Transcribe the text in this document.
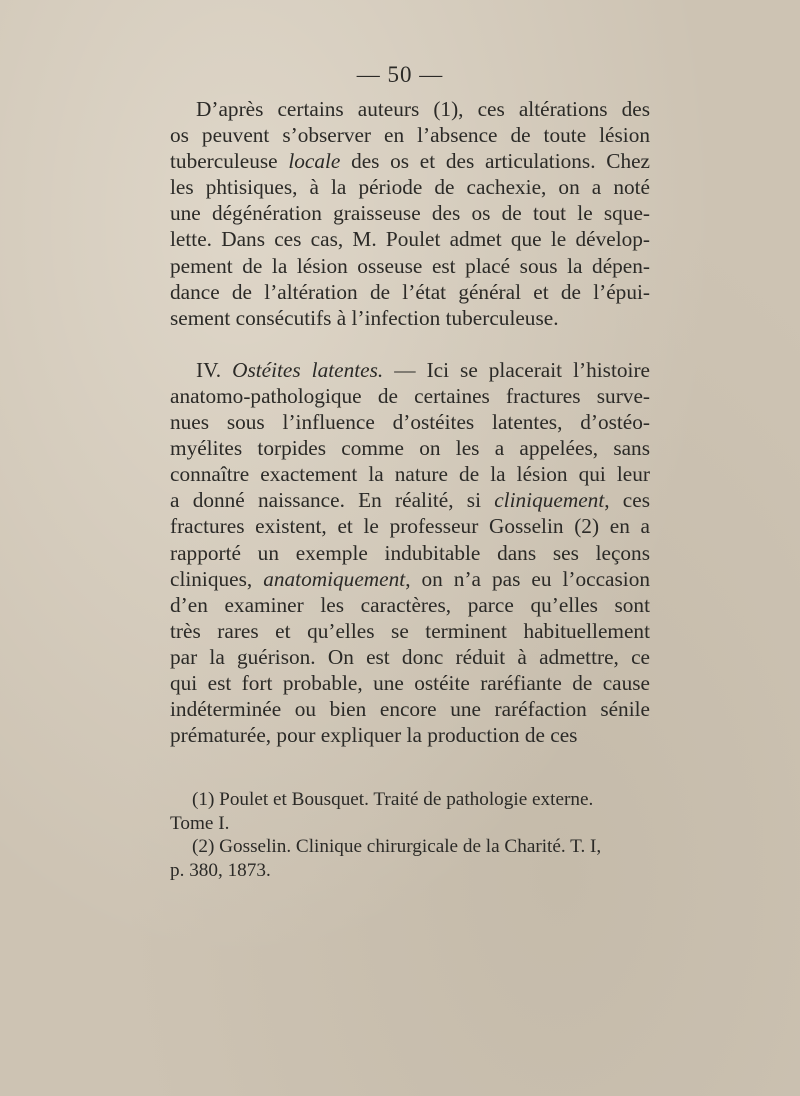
— 50 —

D’après certains auteurs (1), ces altérations des
os peuvent s’observer en l’absence de toute lésion
tuberculeuse locale des os et des articulations. Chez
les phtisiques, à la période de cachexie, on a noté
une dégénération graisseuse des os de tout le sque-
lette. Dans ces cas, M. Poulet admet que le dévelop-
pement de la lésion osseuse est placé sous la dépen-
dance de l’altération de l’état général et de l’épui-
sement consécutifs à l’infection tuberculeuse.

IV. Ostéites latentes. — Ici se placerait l’histoire
anatomo-pathologique de certaines fractures surve-
nues sous l’influence d’ostéites latentes, d’ostéo-
myélites torpides comme on les a appelées, sans
connaître exactement la nature de la lésion qui leur
a donné naissance. En réalité, si cliniquement, ces
fractures existent, et le professeur Gosselin (2) en a
rapporté un exemple indubitable dans ses leçons
cliniques, anatomiquement, on n’a pas eu l’occasion
d’en examiner les caractères, parce qu’elles sont
très rares et qu’elles se terminent habituellement
par la guérison. On est donc réduit à admettre, ce
qui est fort probable, une ostéite raréfiante de cause
indéterminée ou bien encore une raréfaction sénile
prématurée, pour expliquer la production de ces

(1) Poulet et Bousquet. Traité de pathologie externe.
Tome I.

(2) Gosselin. Clinique chirurgicale de la Charité. T. I,
p. 380, 1873.
